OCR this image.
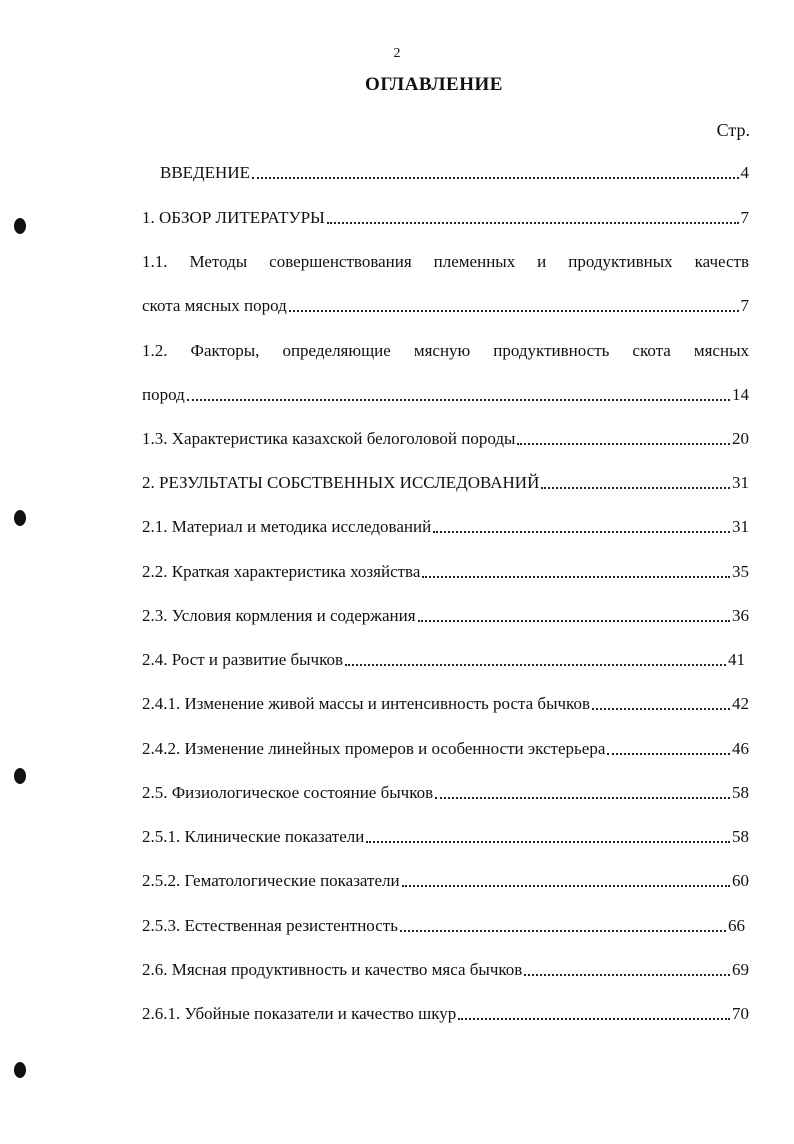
2
ОГЛАВЛЕНИЕ
Стр.
ВВЕДЕНИЕ	4
1. ОБЗОР ЛИТЕРАТУРЫ	7
1.1. Методы совершенствования племенных и продуктивных качеств
скота мясных пород	7
1.2. Факторы, определяющие мясную продуктивность скота мясных
пород	14
1.3. Характеристика казахской белоголовой породы	20
2. РЕЗУЛЬТАТЫ СОБСТВЕННЫХ ИССЛЕДОВАНИЙ	31
2.1. Материал и методика исследований	31
2.2. Краткая характеристика хозяйства	35
2.3. Условия кормления и содержания	36
2.4. Рост и развитие бычков	41
2.4.1. Изменение живой массы и интенсивность роста бычков	42
2.4.2. Изменение линейных промеров и особенности экстерьера	46
2.5. Физиологическое состояние бычков	58
2.5.1. Клинические показатели	58
2.5.2. Гематологические показатели	60
2.5.3. Естественная резистентность	66
2.6. Мясная продуктивность и качество мяса бычков	69
2.6.1. Убойные показатели и качество шкур	70
